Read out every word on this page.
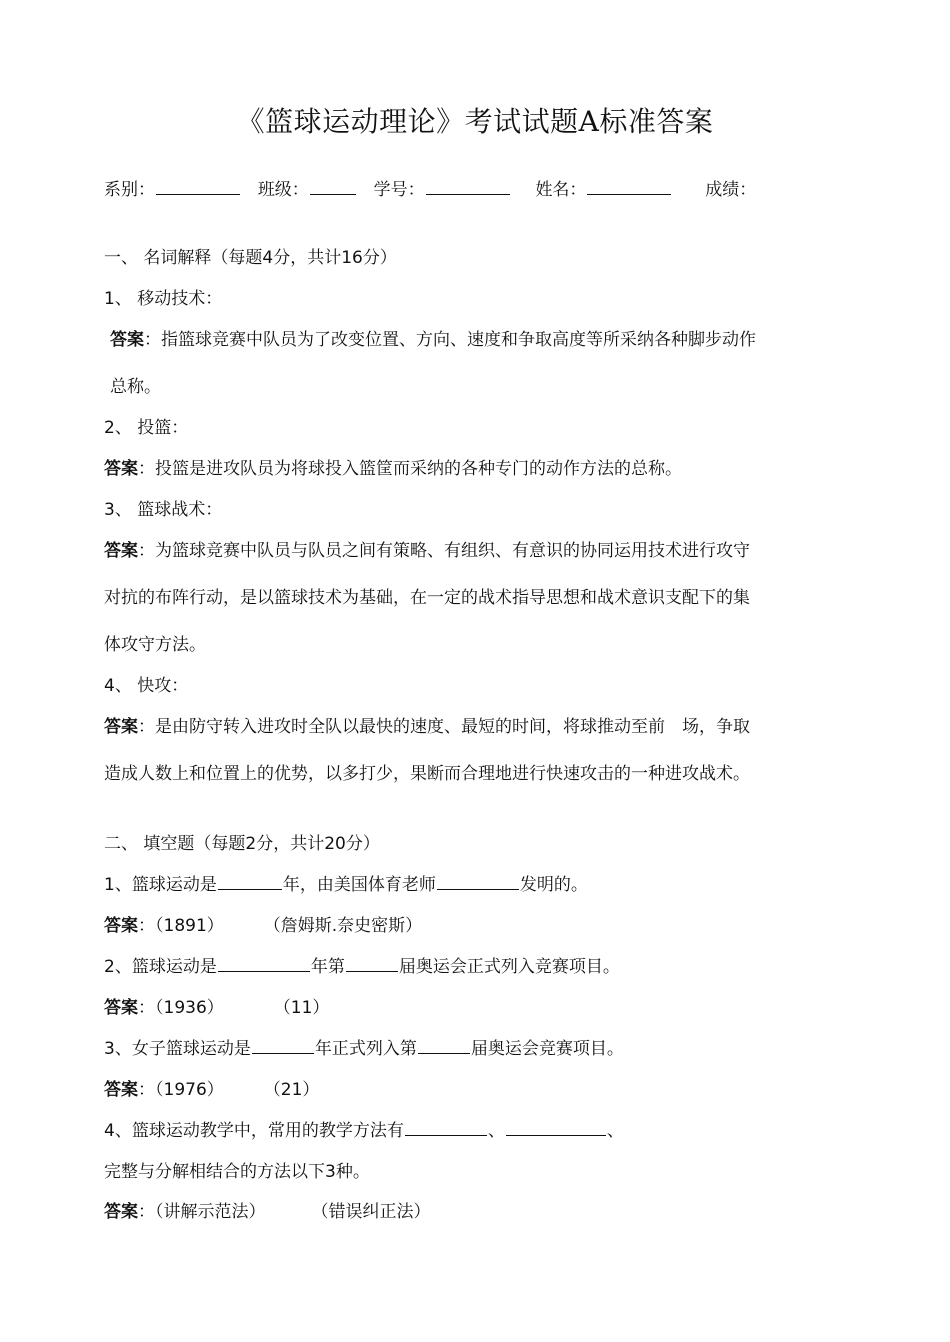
《篮球运动理论》考试试题A标准答案
系别：	班级：	学号：	姓名：	成绩：
一、 名词解释（每题4分，共计16分）
1、 移动技术：
答案：指篮球竞赛中队员为了改变位置、方向、速度和争取高度等所采纳各种脚步动作
总称。
2、 投篮：
答案：投篮是进攻队员为将球投入篮筐而采纳的各种专门的动作方法的总称。
3、 篮球战术：
答案：为篮球竞赛中队员与队员之间有策略、有组织、有意识的协同运用技术进行攻守
对抗的布阵行动，是以篮球技术为基础，在一定的战术指导思想和战术意识支配下的集
体攻守方法。
4、 快攻：
答案：是由防守转入进攻时全队以最快的速度、最短的时间，将球推动至前　场，争取
造成人数上和位置上的优势，以多打少，果断而合理地进行快速攻击的一种进攻战术。
二、 填空题（每题2分，共计20分）
1、篮球运动是	年，由美国体育老师	发明的。
答案：（1891） （詹姆斯.奈史密斯）
2、篮球运动是	年第	届奥运会正式列入竞赛项目。
答案：（1936）	（11）
3、女子篮球运动是	年正式列入第	届奥运会竞赛项目。
答案：（1976） （21）
4、篮球运动教学中，常用的教学方法有	、	、
完整与分解相结合的方法以下3种。
答案：（讲解示范法）	（错误纠正法）
